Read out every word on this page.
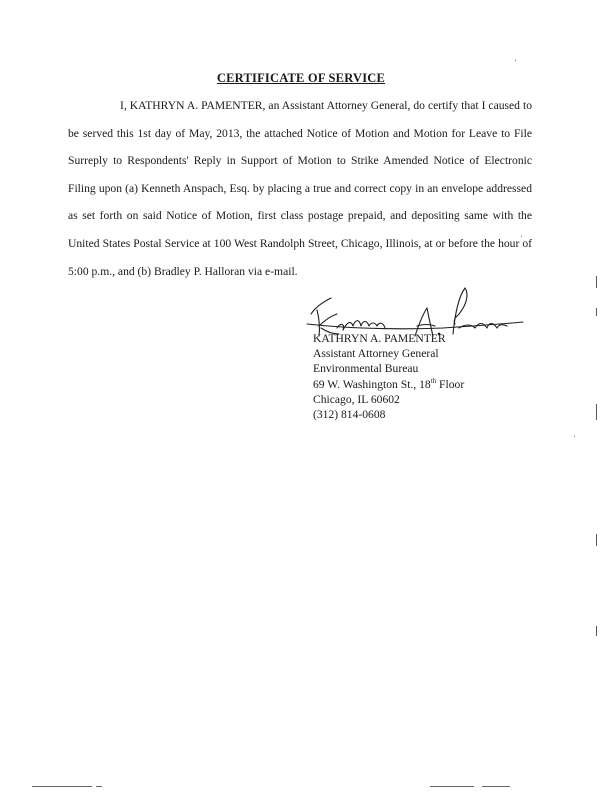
CERTIFICATE OF SERVICE

I, KATHRYN A. PAMENTER, an Assistant Attorney General, do certify that I caused to be served this 1st day of May, 2013, the attached Notice of Motion and Motion for Leave to File Surreply to Respondents' Reply in Support of Motion to Strike Amended Notice of Electronic Filing upon (a) Kenneth Anspach, Esq. by placing a true and correct copy in an envelope addressed as set forth on said Notice of Motion, first class postage prepaid, and depositing same with the United States Postal Service at 100 West Randolph Street, Chicago, Illinois, at or before the hour of 5:00 p.m., and (b) Bradley P. Halloran via e-mail.

KATHRYN A. PAMENTER
Assistant Attorney General
Environmental Bureau
69 W. Washington St., 18th Floor
Chicago, IL 60602
(312) 814-0608
